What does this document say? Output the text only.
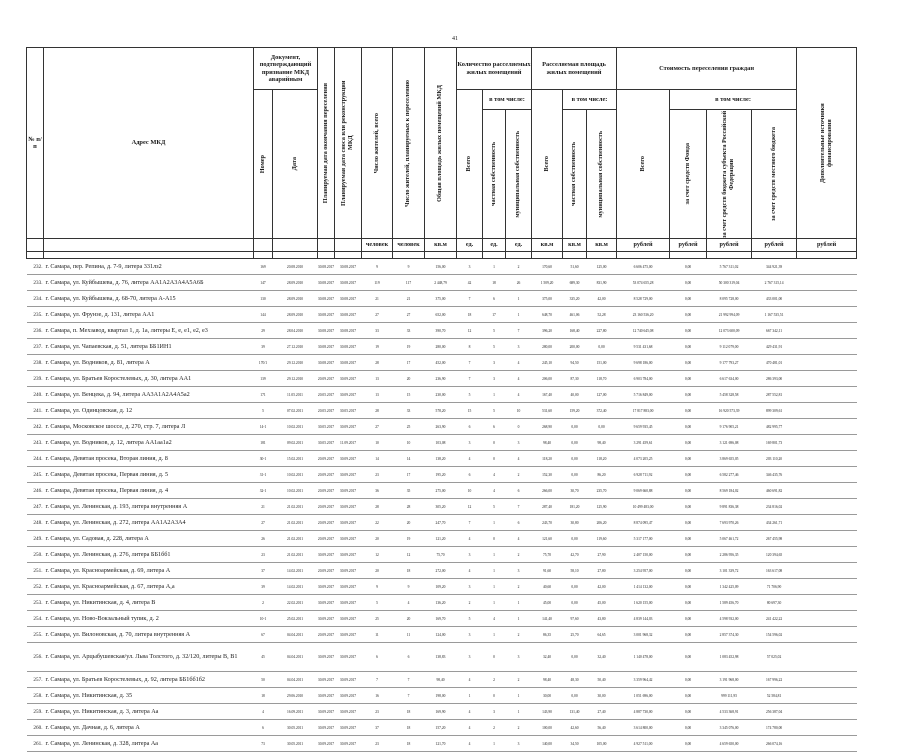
41
№ п/п	Адрес МКД	Документ, подтверждающий признание МКД аварийным		Планируемая дата окончания переселения	Планируемая дата сноса или реконструкции МКД	Число жителей, всего	Число жителей, планируемых к переселению	Общая площадь жилых помещений МКД	Количество расселяемых жилых помещений			Расселяемая площадь жилых помещений			Стоимость переселения граждан				Дополнительные источники финансирования

		Номер	Дата						Всего	в том числе:		Всего	в том числе:		Всего	в том числе:			

										частная собственность	муниципальная собственность		частная собственность	муниципальная собственность		за счет средств Фонда	за счет средств бюджета субъекта Российской Федерации	за счет средств местного бюджета	

						человек	человек	кв.м	ед.	ед.	ед.	кв.м	кв.м	кв.м	рублей	рублей	рублей	рублей	рублей

232.	г. Самара, пер. Репина, д. 7-9, литера 331лз2	169	20.08.2010	30.08.2017	30.08.2017	9	9	156,00	3	1	2	170,60	51,60	125,00	6 606 475,00	0,00	5 767 311,02	344 921,39	
233.	г. Самара, ул. Куйбышева, д. 76, литера АА1А2А3А4А5А6Б	147	28.09.2010	30.08.2017	30.08.2017	119	117	2 448,79	42	18	26	1 509,20	689,30	831,90	53 074 655,28	0,00	50 300 319,04	2 767 315,14	
234.	г. Самара, ул. Куйбышева, д. 68-70, литера А-А15	130	28.09.2010	30.08.2017	30.08.2017	21	21	375,00	7	6	1	375,00	335,20	42,00	8 528 729,00	0,00	8 095 728,00	433 001,00	
235.	г. Самара, ул. Фрунзе, д. 131, литера АА1	144	28.09.2010	30.08.2017	30.08.2017	27	27	652,00	18	17	1	648,70	461,06	52,28	23 160 536,20	0,00	21 992 994,09	1 167 535,51	
236.	г. Самара, п. Мехзавод, квартал 1, д. 1a, литеры Е, е, е1, е2, е3	29	28.04.2010	30.08.2017	30.08.2017	33	33	390,70	12	5	7	396,20	168,40	227,80	12 740 645,08	0,00	12 073 600,09	667 342,11	
237.	г. Самара, ул. Чапаевская, д. 51, литера ББ1ИН1	39	27.12.2010	30.08.2017	30.08.2017	19	19	280,00	8	5	3	280,00	200,00	0,00	9 531 431,68	0,00	9 112 079,00	429 431,91	
238.	г. Самара, ул. Водников, д. 81, литера А	170/1	29.12.2010	30.08.2017	30.08.2017	28	17	452,00	7	3	4	245,10	94,50	151,00	9 698 186,00	0,00	9 177 793,27	470 481,01	
239.	г. Самара, ул. Братьев Коростелевых, д. 30, литера АА1	139	29.12.2010	20.09.2017	30.09.2017	13	20	236,90	7	3	4	206,00	87,30	118,70	6 903 784,00	0,00	6 617 634,00	286 393,00	
240.	г. Самара, ул. Венцека, д. 94, литера АА3А1А2А4А5а2	171	11.05.2011	20.05.2017	30.09.2017	13	15	230,00	5	1	4	167,40	40,00	127,00	5 716 849,00	0,00	5 458 328,58	287 552,81	
241.	г. Самара, ул. Одинцовская, д. 12	5	07.02.2011	20.05.2017	30.05.2017	28	33	578,20	15	5	10	531,60	159,20	372,40	17 817 883,00	0,00	16 920 573,39	899 309,61	
242.	г. Самара, Московское шоссе, д. 270, стр. 7, литера Л	14-1	10.02.2011	30.05.2017	30.09.2017	27	25	263,90	6	6	0	268,90	0,00	0,00	9 659 935,45	0,00	9 176 905,21	482 995,77	
243.	г. Самара, ул. Водников, д. 12, литера АА1аа1а2	181	09.02.2011	30.05.2017	11.09.2017	10	10	103,08	3	0	3	98,40	0,00	98,40	3 291 459,61	0,00	3 121 696,08	169 801,73	
244.	г. Самара, Девятая просека, Вторая линия, д. 8	30-1	15.02.2011	20.09.2017	30.09.2017	14	14	138,20	4	0	4	118,20	0,00	118,20	4 073 205,25	0,00	3 869 655,05	203 110,20	
245.	г. Самара, Девятая просека, Первая линия, д. 5	31-1	10.02.2011	20.09.2017	30.09.2017	23	17	195,20	6	4	2	152,30	0,00	86,20	6 928 711,92	0,00	6 582 277,46	346 435,76	
246.	г. Самара, Девятая просека, Первая линия, д. 4	32-1	10.02.2011	20.09.2017	30.09.2017	36	35	275,00	10	4	6	266,00	30,70	235,70	9 069 660,88	0,00	8 569 184,02	460 691,82	
247.	г. Самара, ул. Ленинская, д. 193, литера внутренняя А	21	21.02.2011	20.09.2017	30.09.2017	28	28	305,20	12	5	7	287,40	181,20	125,90	10 499 483,00	0,00	9 891 836,38	234 816,02	
248.	г. Самара, ул. Ленинская, д. 272, литера АА1А2А3А4	27	21.02.2011	20.09.2017	30.09.2017	22	20	247,70	7	1	6	243,70	30,80	206,20	8 874 095,47	0,00	7 693 970,26	434 261,71	
249.	г. Самара, ул. Садовая, д. 228, литера А	26	21.02.2011	20.09.2017	30.09.2017	20	19	121,20	4	0	4	121,60	0,00	119,60	5 317 177,00	0,00	5 067 461,72	267 455,98	
250.	г. Самара, ул. Ленинская, д. 276, литера ББ1бб1	23	21.02.2011	30.09.2017	30.09.2017	12	12	75,70	3	1	2	75,70	42,70	27,90	2 407 150,00	0,00	2 286 956,35	120 394,65	
251.	г. Самара, ул. Красноармейская, д. 69, литера А	37	14.02.2011	20.09.2017	30.09.2017	20	18	272,00	4	1	3	91,60	58,10	27,80	3 254 957,00	0,00	3 101 339,72	163 617,08	
252.	г. Самара, ул. Красноармейская, д. 67, литера А,а	39	14.02.2011	30.09.2017	30.09.2017	9	9	109,20	3	1	2	40,60	0,00	42,00	1 414 132,00	0,00	1 342 425,09	71 706,90	
253.	г. Самара, ул. Никитинская, д. 4, литера В	2	22.02.2011	30.09.2017	30.09.2017	5	4	136,20	2	1	1	45,00	0,00	45,00	1 620 155,00	0,00	1 589 456,70	80 697,30	
254.	г. Самара, ул. Ново-Вокзальный тупик, д. 2	10-1	25.02.2011	30.09.2017	30.09.2017	25	20	169,70	5	4	1	141,40	97,60	43,80	4 839 144,03	0,00	4 598 932,00	241 422,22	
255.	г. Самара, ул. Вилоновская, д. 70, литера внутренняя А	67	04.04.2011	20.09.2017	30.09.2017	11	11	124,00	3	1	2	86,35	25,70	64,65	3 001 968,32	0,00	2 857 374,30	154 596,02	
256.	г. Самара, ул. Арцыбушевская/ул. Льва Толстого, д. 32/120, литеры В, В1	45	04.04.2011	30.09.2017	30.09.2017	6	6	138,83	3	0	3	32,40	0,00	32,40	1 140 478,00	0,00	1 083 452,98	57 025,02	
257.	г. Самара, ул. Братьев Коростелевых, д. 92, литера ББ1бб1б2	50	04.04.2011	30.09.2017	30.09.2017	7	7	98,40	4	2	2	98,40	48,30	50,40	3 359 964,42	0,00	3 191 968,00	167 996,22	
258.	г. Самара, ул. Никитинская, д. 35	18	29.06.2010	30.09.2017	30.09.2017	16	7	198,00	1	0	1	30,00	0,00	30,00	1 051 696,00	0,00	999 111,95	52 584,81	
259.	г. Самара, ул. Никитинская, д. 3, литера Аа	4	16.09.2011	30.09.2017	30.09.2017	23	18	169,90	4	3	1	143,90	131,40	27,40	4 887 730,00	0,00	4 533 368,91	256 387,04	
260.	г. Самара, ул. Дачная, д. 6, литера А	6	30.05.2011	30.09.2017	30.09.2017	37	18	157,20	4	2	2	100,00	42,60	56,40	3 614 800,00	0,00	3 345 076,00	174 780,00	
261.	г. Самара, ул. Ленинская, д. 328, литера Аа	73	30.05.2011	30.09.2017	30.09.2017	23	18	121,70	4	1	3	140,00	34,50	105,00	4 927 511,00	0,00	4 659 650,00	266 074,16	
